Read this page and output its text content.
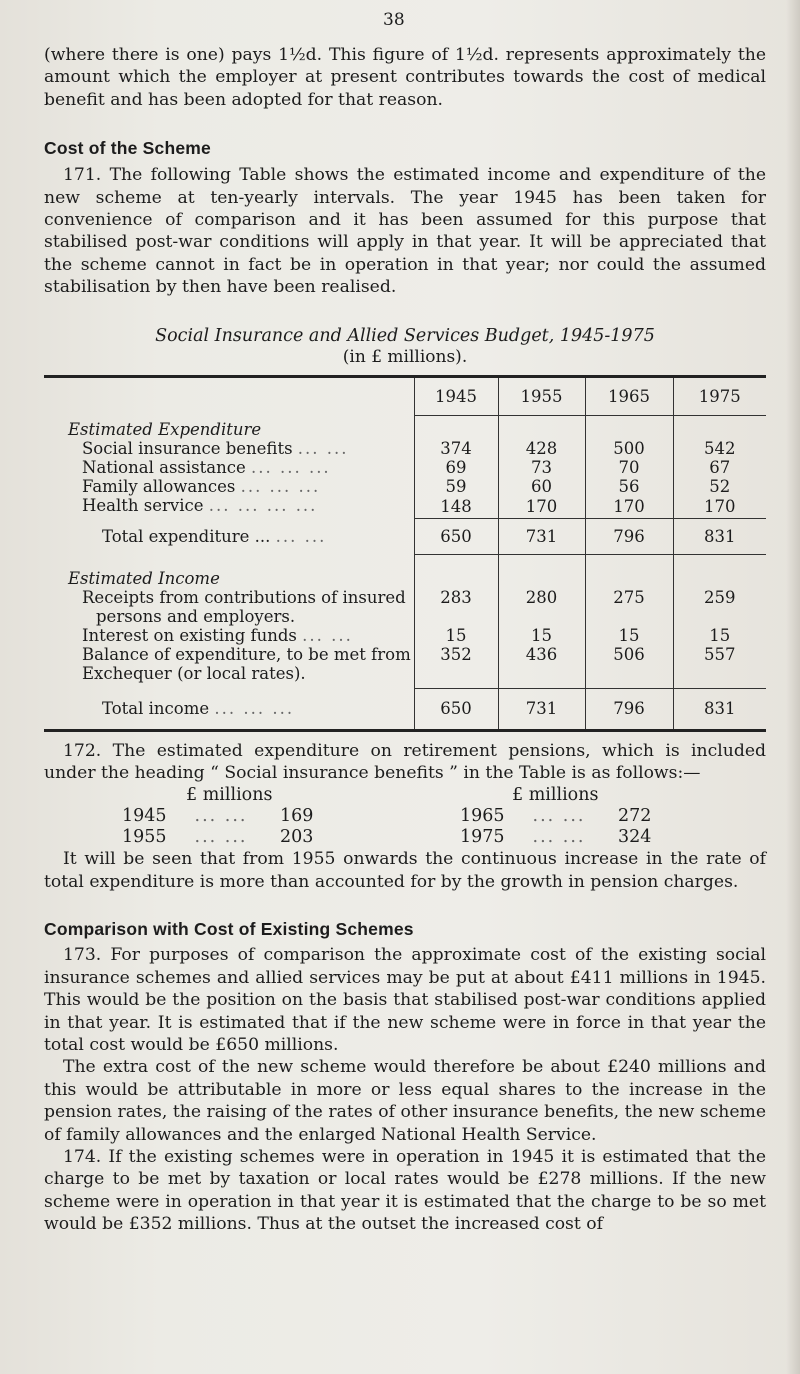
38

(where there is one) pays 1½d. This figure of 1½d. represents approximately the amount which the employer at present contributes towards the cost of medical benefit and has been adopted for that reason.

Cost of the Scheme

171. The following Table shows the estimated income and expenditure of the new scheme at ten-yearly intervals. The year 1945 has been taken for convenience of comparison and it has been assumed for this purpose that stabilised post-war conditions will apply in that year. It will be appreciated that the scheme cannot in fact be in operation in that year; nor could the assumed stabilisation by then have been realised.

Social Insurance and Allied Services Budget, 1945-1975
(in £ millions).
	1945	1955	1965	1975
Estimated Expenditure				
Social insurance benefits ... ...	374	428	500	542
National assistance ... ... ...	69	73	70	67
Family allowances ... ... ...	59	60	56	52
Health service ... ... ... ...	148	170	170	170
Total expenditure ... ... ...	650	731	796	831
Estimated Income				
Receipts from contributions of insured
persons and employers.	283	280	275	259
Interest on existing funds ... ...	15	15	15	15
Balance of expenditure, to be met from
Exchequer (or local rates).	352	436	506	557
Total income ... ... ...	650	731	796	831

172. The estimated expenditure on retirement pensions, which is included under the heading “ Social insurance benefits ” in the Table is as follows:—

£ millions	£ millions
1945	... ...	169	1965	... ...	272
1955	... ...	203	1975	... ...	324

It will be seen that from 1955 onwards the continuous increase in the rate of total expenditure is more than accounted for by the growth in pension charges.

Comparison with Cost of Existing Schemes

173. For purposes of comparison the approximate cost of the existing social insurance schemes and allied services may be put at about £411 millions in 1945. This would be the position on the basis that stabilised post-war conditions applied in that year. It is estimated that if the new scheme were in force in that year the total cost would be £650 millions.

The extra cost of the new scheme would therefore be about £240 millions and this would be attributable in more or less equal shares to the increase in the pension rates, the raising of the rates of other insurance benefits, the new scheme of family allowances and the enlarged National Health Service.

174. If the existing schemes were in operation in 1945 it is estimated that the charge to be met by taxation or local rates would be £278 millions. If the new scheme were in operation in that year it is estimated that the charge to be so met would be £352 millions. Thus at the outset the increased cost of
